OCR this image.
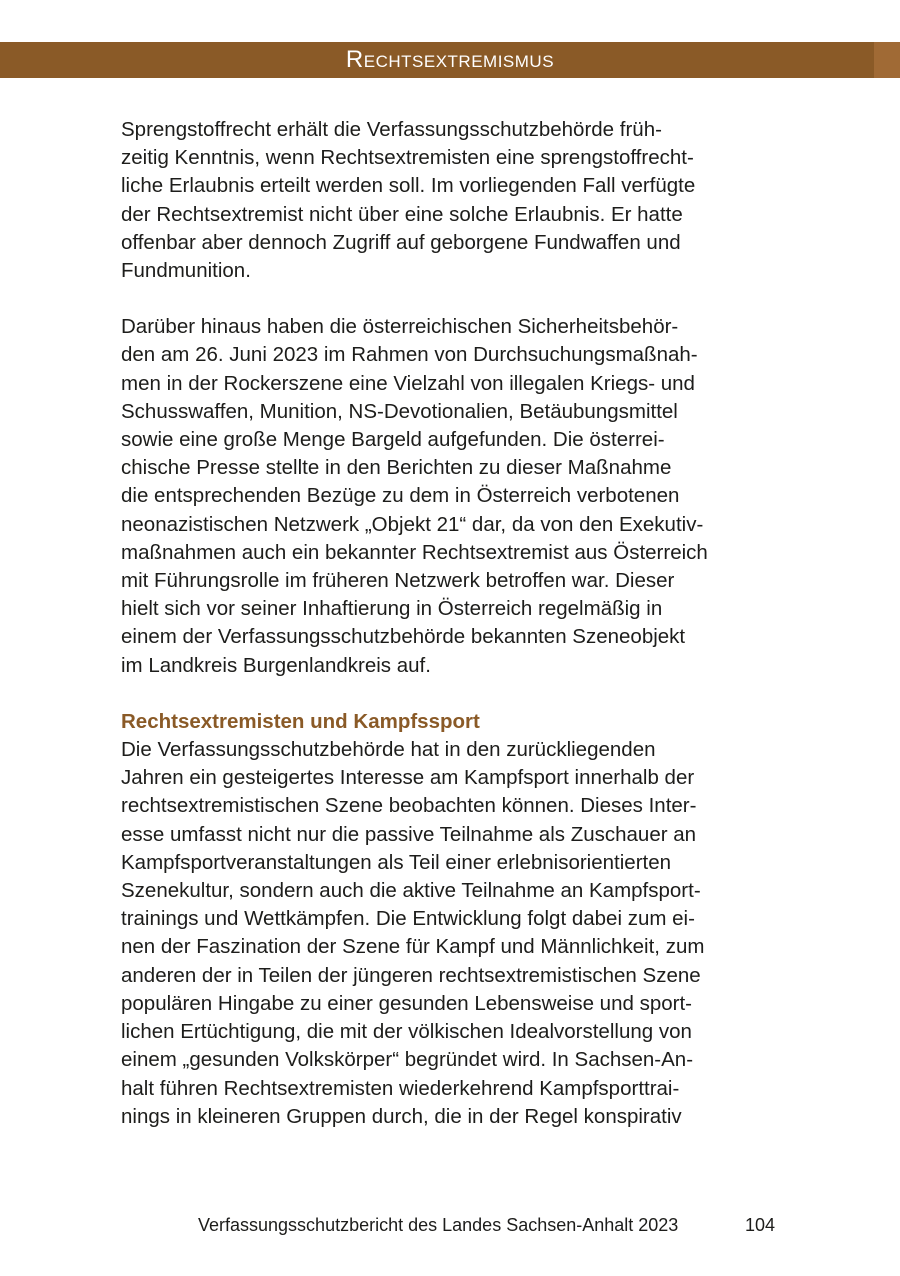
Rechtsextremismus

Sprengstoffrecht erhält die Verfassungsschutzbehörde früh-
zeitig Kenntnis, wenn Rechtsextremisten eine sprengstoffrecht-
liche Erlaubnis erteilt werden soll. Im vorliegenden Fall verfügte
der Rechtsextremist nicht über eine solche Erlaubnis. Er hatte
offenbar aber dennoch Zugriff auf geborgene Fundwaffen und
Fundmunition.

Darüber hinaus haben die österreichischen Sicherheitsbehör-
den am 26. Juni 2023 im Rahmen von Durchsuchungsmaßnah-
men in der Rockerszene eine Vielzahl von illegalen Kriegs- und
Schusswaffen, Munition, NS-Devotionalien, Betäubungsmittel
sowie eine große Menge Bargeld aufgefunden. Die österrei-
chische Presse stellte in den Berichten zu dieser Maßnahme
die entsprechenden Bezüge zu dem in Österreich verbotenen
neonazistischen Netzwerk „Objekt 21“ dar, da von den Exekutiv-
maßnahmen auch ein bekannter Rechtsextremist aus Österreich
mit Führungsrolle im früheren Netzwerk betroffen war. Dieser
hielt sich vor seiner Inhaftierung in Österreich regelmäßig in
einem der Verfassungsschutzbehörde bekannten Szeneobjekt
im Landkreis Burgenlandkreis auf.

Rechtsextremisten und Kampfssport

Die Verfassungsschutzbehörde hat in den zurückliegenden
Jahren ein gesteigertes Interesse am Kampfsport innerhalb der
rechtsextremistischen Szene beobachten können. Dieses Inter-
esse umfasst nicht nur die passive Teilnahme als Zuschauer an
Kampfsportveranstaltungen als Teil einer erlebnisorientierten
Szenekultur, sondern auch die aktive Teilnahme an Kampfsport-
trainings und Wettkämpfen. Die Entwicklung folgt dabei zum ei-
nen der Faszination der Szene für Kampf und Männlichkeit, zum
anderen der in Teilen der jüngeren rechtsextremistischen Szene
populären Hingabe zu einer gesunden Lebensweise und sport-
lichen Ertüchtigung, die mit der völkischen Idealvorstellung von
einem „gesunden Volkskörper“ begründet wird. In Sachsen-An-
halt führen Rechtsextremisten wiederkehrend Kampfsporttrai-
nings in kleineren Gruppen durch, die in der Regel konspirativ

Verfassungsschutzbericht des Landes Sachsen-Anhalt 2023	104
